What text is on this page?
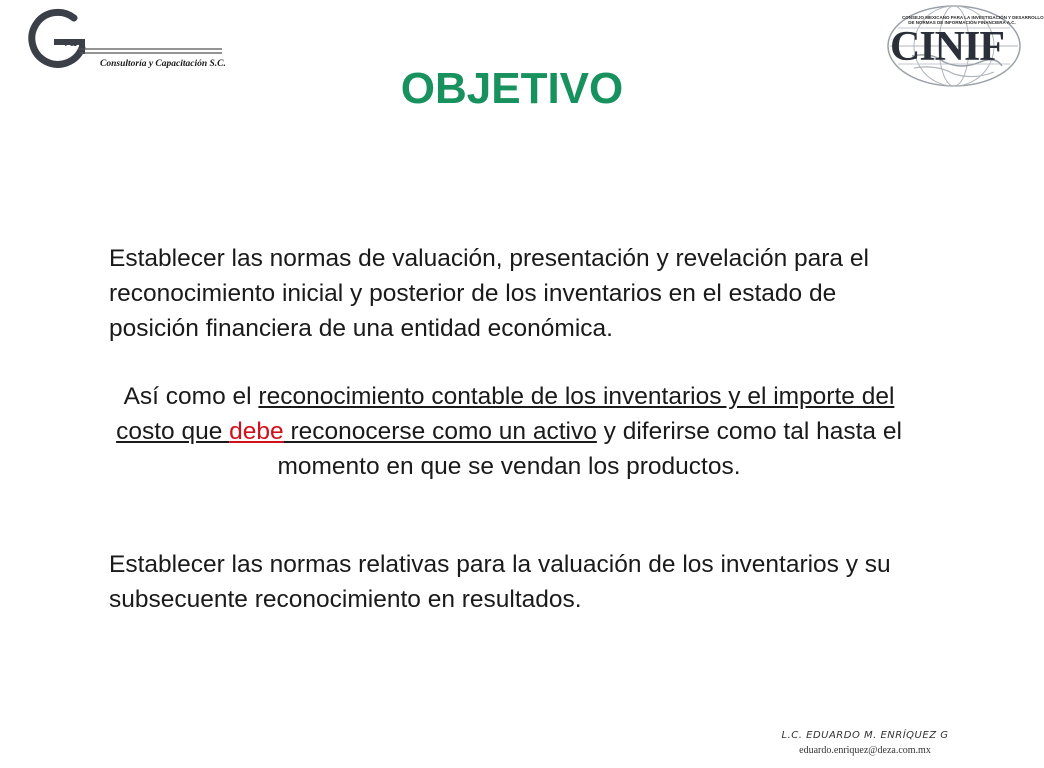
va
Consultoría y Capacitación S.C.
CONSEJO MEXICANO PARA LA INVESTIGACIÓN Y DESARROLLO
DE NORMAS DE INFORMACIÓN FINANCIERA A.C.
CINIF
OBJETIVO

Establecer las normas de valuación, presentación y revelación para el reconocimiento inicial y posterior de los inventarios en el estado de posición financiera de una entidad económica.

Así como el reconocimiento contable de los inventarios y el importe del costo que debe reconocerse como un activo y diferirse como tal hasta el momento en que se vendan los productos.

Establecer las normas relativas para la valuación de los inventarios y su subsecuente reconocimiento en resultados.

L.C. EDUARDO M. ENRÍQUEZ G
eduardo.enriquez@deza.com.mx
